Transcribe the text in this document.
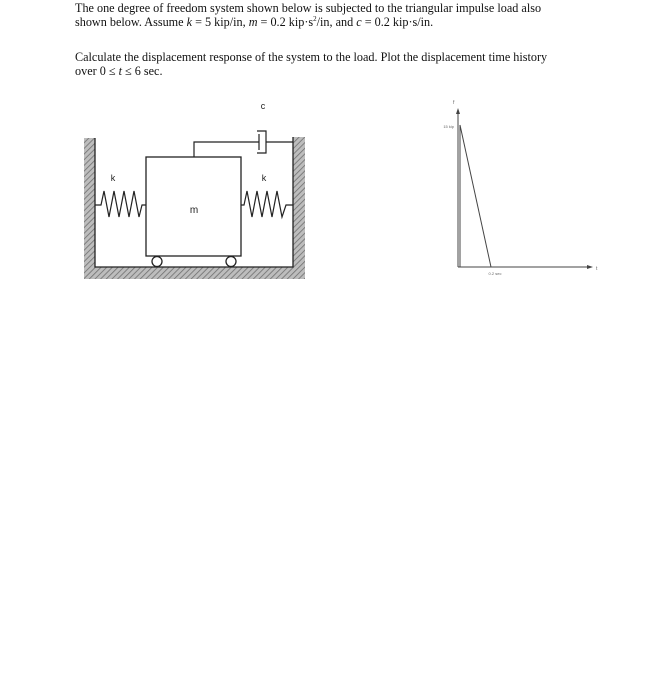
The one degree of freedom system shown below is subjected to the triangular impulse load also
shown below. Assume k = 5 kip/in, m = 0.2 $kip\cdot s^2/in$, and c = 0.2 kip·s/in.
Calculate the displacement response of the system to the load. Plot the displacement time history
over 0 ≤ t ≤ 6 sec.
m
k	k
c	f
15 kip
0.2 sec
t
